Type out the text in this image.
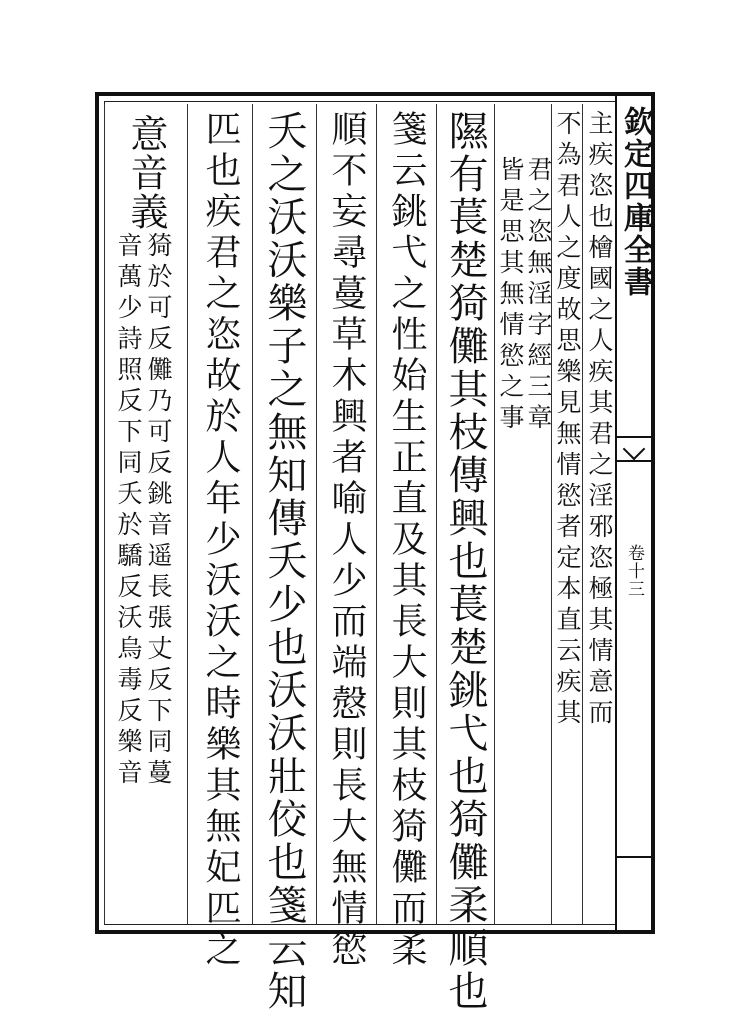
欽定四庫全書
卷十三
主疾恣也檜國之人疾其君之淫邪恣極其情意而
不為君人之度故思樂見無情慾者定本直云疾其
君之恣無淫字經三章
皆是思其無情慾之事
隰有萇楚猗儺其枝傳興也萇楚銚弋也猗儺柔順也
箋云銚弋之性始生正直及其長大則其枝猗儺而柔
順不妄尋蔓草木興者喻人少而端慤則長大無情慾
夭之沃沃樂子之無知傳夭少也沃沃壯佼也箋云知
匹也疾君之恣故於人年少沃沃之時樂其無妃匹之
意音義
猗於可反儺乃可反銚音遥長張丈反下同蔓
音萬少詩照反下同夭於驕反沃烏毒反樂音
